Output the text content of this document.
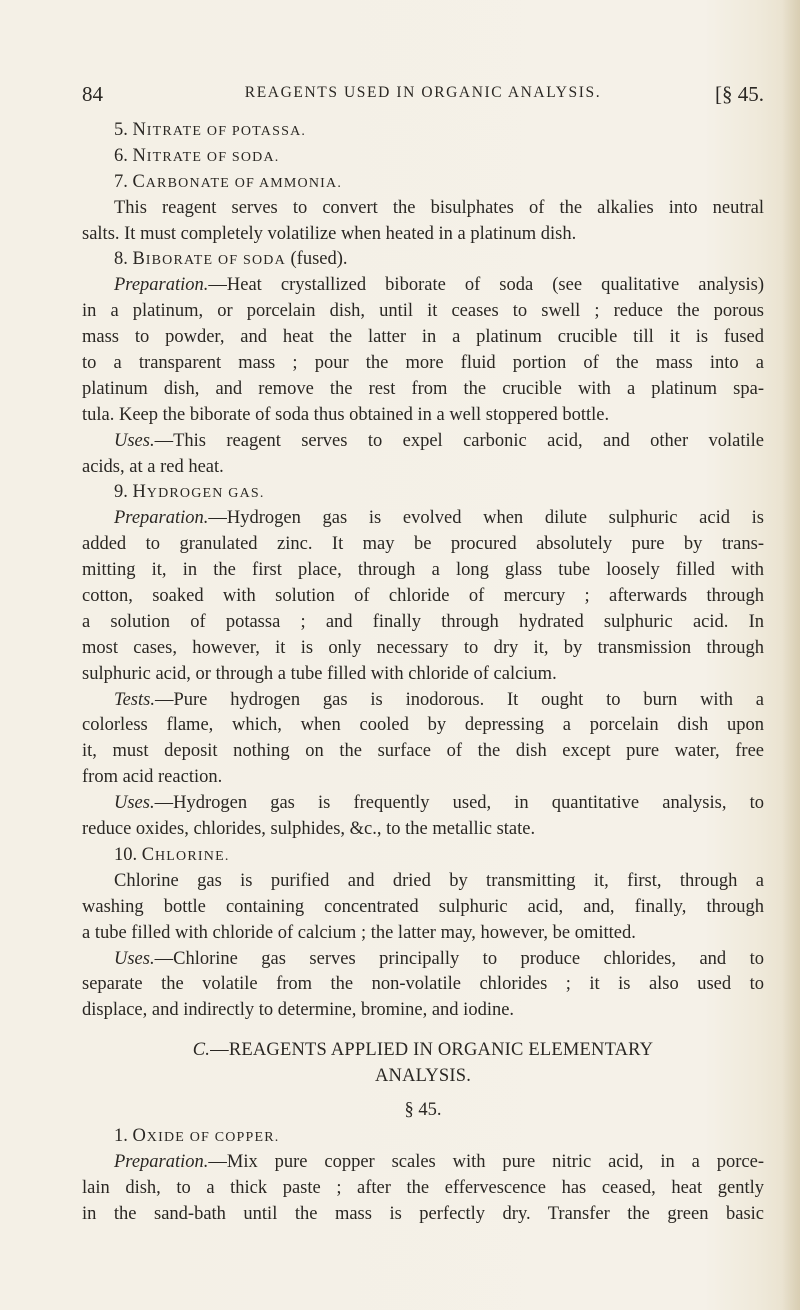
84	REAGENTS USED IN ORGANIC ANALYSIS.	[§ 45.
5. NITRATE OF POTASSA.
6. NITRATE OF SODA.
7. CARBONATE OF AMMONIA.
This reagent serves to convert the bisulphates of the alkalies into neutral
salts. It must completely volatilize when heated in a platinum dish.
8. BIBORATE OF SODA (fused).
Preparation.—Heat crystallized biborate of soda (see qualitative analysis)
in a platinum, or porcelain dish, until it ceases to swell ; reduce the porous
mass to powder, and heat the latter in a platinum crucible till it is fused
to a transparent mass ; pour the more fluid portion of the mass into a
platinum dish, and remove the rest from the crucible with a platinum spa-
tula. Keep the biborate of soda thus obtained in a well stoppered bottle.
Uses.—This reagent serves to expel carbonic acid, and other volatile
acids, at a red heat.
9. HYDROGEN GAS.
Preparation.—Hydrogen gas is evolved when dilute sulphuric acid is
added to granulated zinc. It may be procured absolutely pure by trans-
mitting it, in the first place, through a long glass tube loosely filled with
cotton, soaked with solution of chloride of mercury ; afterwards through
a solution of potassa ; and finally through hydrated sulphuric acid. In
most cases, however, it is only necessary to dry it, by transmission through
sulphuric acid, or through a tube filled with chloride of calcium.
Tests.—Pure hydrogen gas is inodorous. It ought to burn with a
colorless flame, which, when cooled by depressing a porcelain dish upon
it, must deposit nothing on the surface of the dish except pure water, free
from acid reaction.
Uses.—Hydrogen gas is frequently used, in quantitative analysis, to
reduce oxides, chlorides, sulphides, &c., to the metallic state.
10. CHLORINE.
Chlorine gas is purified and dried by transmitting it, first, through a
washing bottle containing concentrated sulphuric acid, and, finally, through
a tube filled with chloride of calcium ; the latter may, however, be omitted.
Uses.—Chlorine gas serves principally to produce chlorides, and to
separate the volatile from the non-volatile chlorides ; it is also used to
displace, and indirectly to determine, bromine, and iodine.
C.—REAGENTS APPLIED IN ORGANIC ELEMENTARY
ANALYSIS.
§ 45.
1. OXIDE OF COPPER.
Preparation.—Mix pure copper scales with pure nitric acid, in a porce-
lain dish, to a thick paste ; after the effervescence has ceased, heat gently
in the sand-bath until the mass is perfectly dry. Transfer the green basic
